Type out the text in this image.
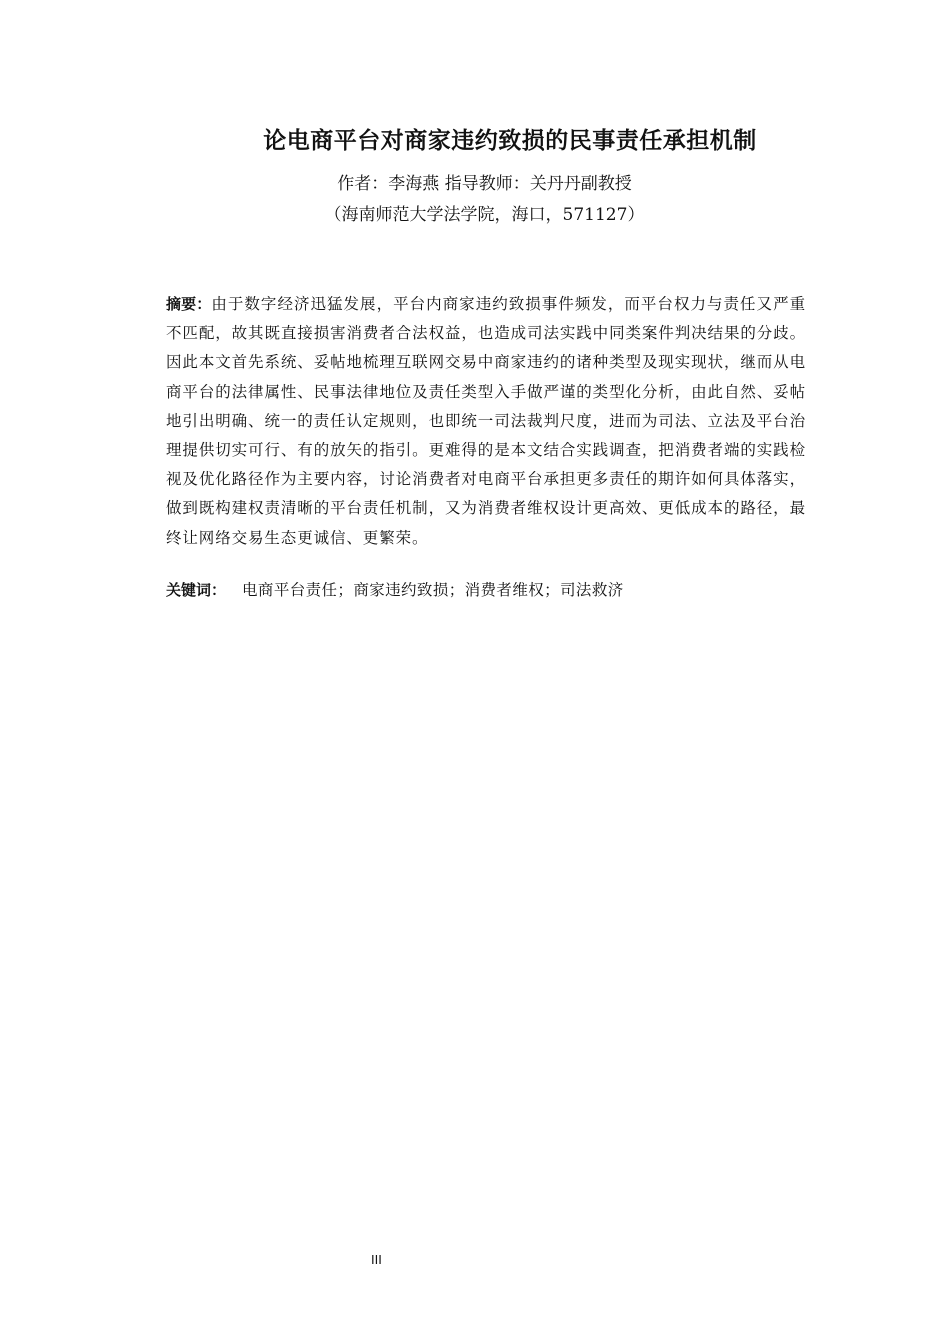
论电商平台对商家违约致损的民事责任承担机制
作者：李海燕 指导教师：关丹丹副教授
（海南师范大学法学院，海口，571127）
摘要：由于数字经济迅猛发展，平台内商家违约致损事件频发，而平台权力与责任又严重不匹配，故其既直接损害消费者合法权益，也造成司法实践中同类案件判决结果的分歧。因此本文首先系统、妥帖地梳理互联网交易中商家违约的诸种类型及现实现状，继而从电商平台的法律属性、民事法律地位及责任类型入手做严谨的类型化分析，由此自然、妥帖地引出明确、统一的责任认定规则，也即统一司法裁判尺度，进而为司法、立法及平台治理提供切实可行、有的放矢的指引。更难得的是本文结合实践调查，把消费者端的实践检视及优化路径作为主要内容，讨论消费者对电商平台承担更多责任的期许如何具体落实，做到既构建权责清晰的平台责任机制，又为消费者维权设计更高效、更低成本的路径，最终让网络交易生态更诚信、更繁荣。
关键词： 电商平台责任；商家违约致损；消费者维权；司法救济
III
